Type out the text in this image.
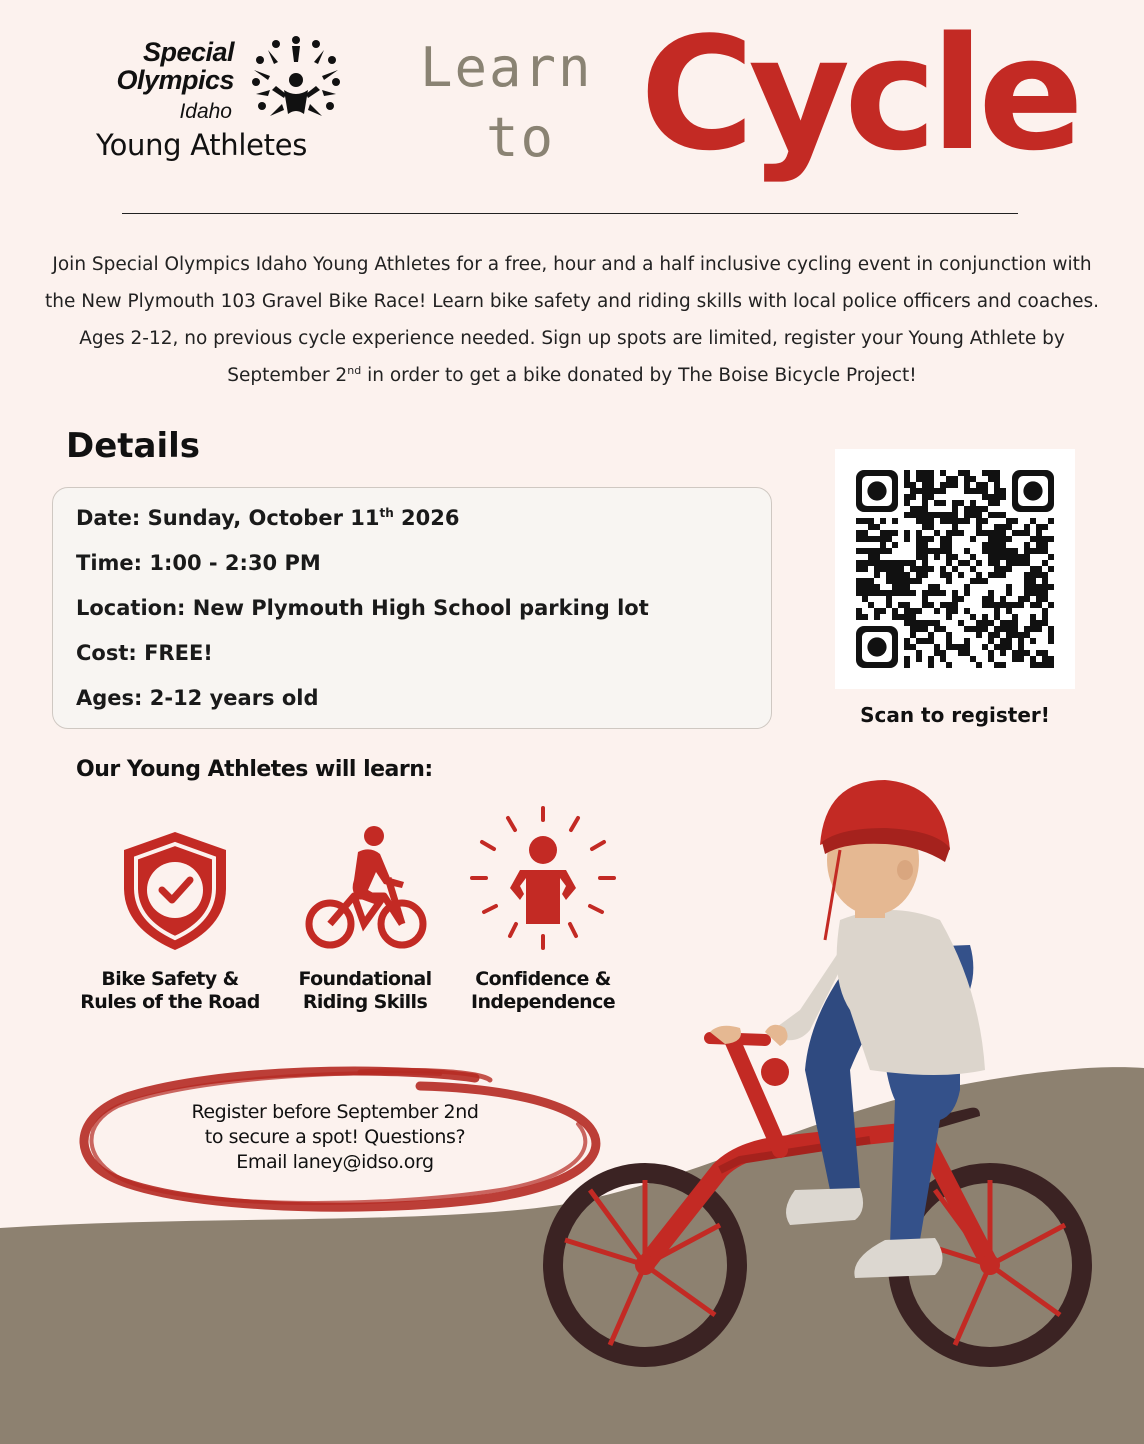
Special
Olympics
Idaho
Young Athletes
Learn
to Cycle
Join Special Olympics Idaho Young Athletes for a free, hour and a half inclusive cycling event in conjunction with
the New Plymouth 103 Gravel Bike Race! Learn bike safety and riding skills with local police officers and coaches.
Ages 2-12, no previous cycle experience needed. Sign up spots are limited, register your Young Athlete by
September 2nd in order to get a bike donated by The Boise Bicycle Project!
Details
Date: Sunday, October 11th 2026
Time: 1:00 - 2:30 PM
Location: New Plymouth High School parking lot
Cost: FREE!
Ages: 2-12 years old
Scan to register!
Our Young Athletes will learn:
Bike Safety &
Rules of the Road
Foundational
Riding Skills
Confidence &
Independence
Register before September 2nd
to secure a spot! Questions?
Email laney@idso.org
